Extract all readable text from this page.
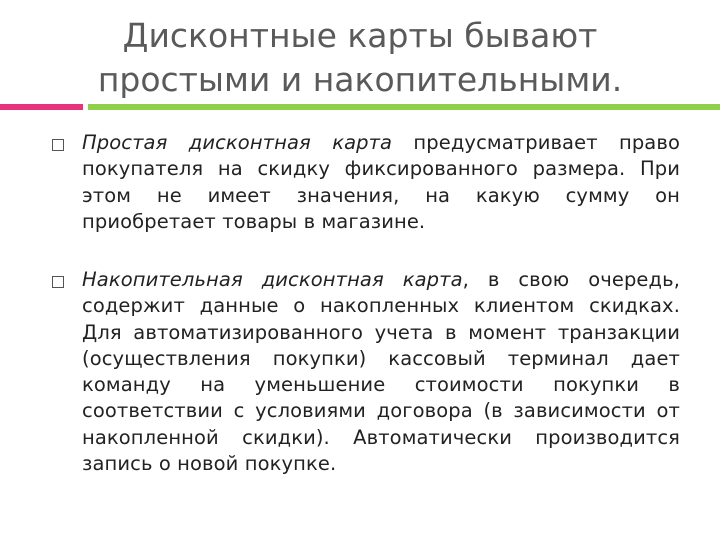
Дисконтные карты бывают
простыми и накопительными.
Простая дисконтная карта предусматривает право покупателя на скидку фиксированного размера. При этом не имеет значения, на какую сумму он приобретает товары в магазине.
Накопительная дисконтная карта, в свою очередь, содержит данные о накопленных клиентом скидках. Для автоматизированного учета в момент транзакции (осуществления покупки) кассовый терминал дает команду на уменьшение стоимости покупки в соответствии с условиями договора (в зависимости от накопленной скидки). Автоматически производится запись о новой покупке.
